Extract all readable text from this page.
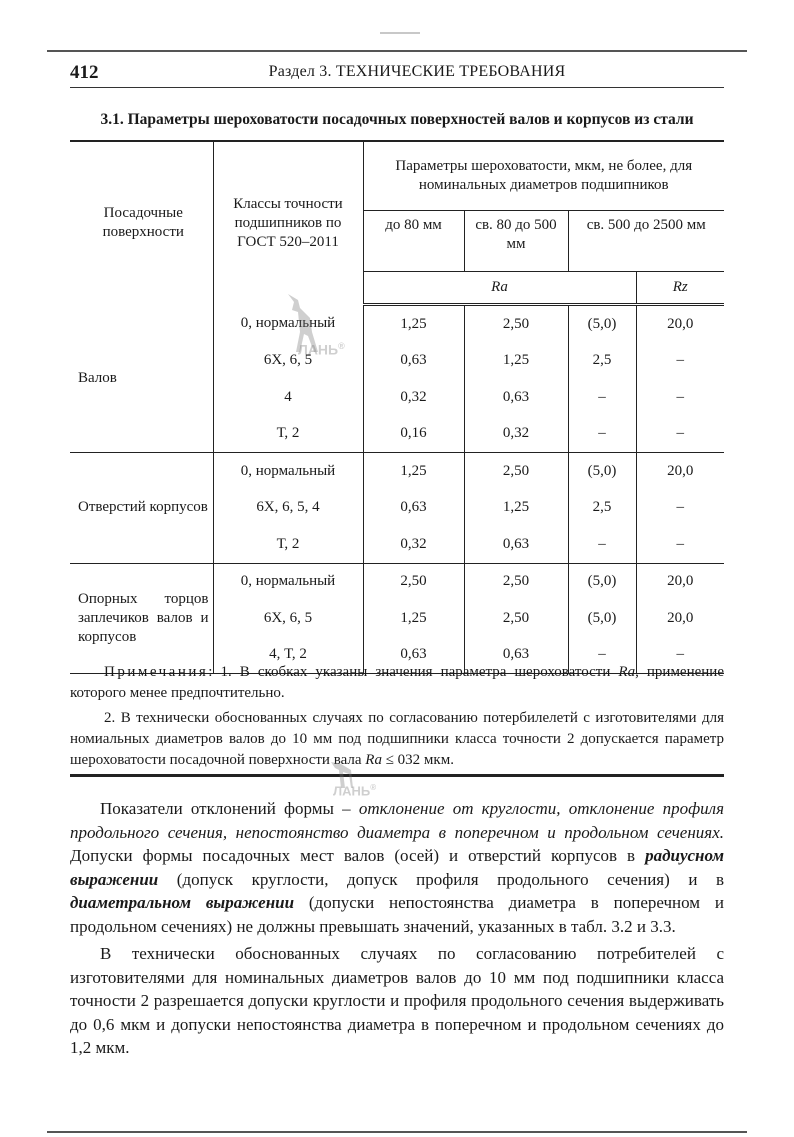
412	Раздел 3. ТЕХНИЧЕСКИЕ ТРЕБОВАНИЯ
3.1. Параметры шероховатости посадочных поверхностей валов и корпусов из стали
Посадочные поверхности	Классы точности подшипников по ГОСТ 520–2011	Параметры шероховатости, мкм, не более, для номинальных диаметров подшипников			
		до 80 мм	св. 80 до 500 мм	св. 500 до 2500 мм	
		Ra			Rz
Валов	0, нормальный	1,25	2,50	(5,0)	20,0
	6Х, 6, 5	0,63	1,25	2,5	–
	4	0,32	0,63	–	–
	Т, 2	0,16	0,32	–	–
Отверстий корпусов	0, нормальный	1,25	2,50	(5,0)	20,0
	6Х, 6, 5, 4	0,63	1,25	2,5	–
	Т, 2	0,32	0,63	–	–
Опорных торцов заплечиков валов и корпусов	0, нормальный	2,50	2,50	(5,0)	20,0
	6Х, 6, 5	1,25	2,50	(5,0)	20,0
	4, Т, 2	0,63	0,63	–	–
ЛАНЬ®

Примечания: 1. В скобках указаны значения параметра шероховатости Ra, применение которого менее предпочтительно.

2. В технически обоснованных случаях по согласованию потербилелетй с изготовителями для номиальных диаметров валов до 10 мм под подшипники класса точности 2 допускается параметр шероховатости посадочной поверхности вала Ra ≤ 032 мкм.

ЛАНЬ®

Показатели отклонений формы – отклонение от круглости, отклонение профиля продольного сечения, непостоянство диаметра в поперечном и продольном сечениях. Допуски формы посадочных мест валов (осей) и отверстий корпусов в радиусном выражении (допуск круглости, допуск профиля продольного сечения) и в диаметральном выражении (допуски непостоянства диаметра в поперечном и продольном сечениях) не должны превышать значений, указанных в табл. 3.2 и 3.3.

В технически обоснованных случаях по согласованию потребителей с изготовителями для номинальных диаметров валов до 10 мм под подшипники класса точности 2 разрешается допуски круглости и профиля продольного сечения выдерживать до 0,6 мкм и допуски непостоянства диаметра в поперечном и продольном сечениях до 1,2 мкм.
